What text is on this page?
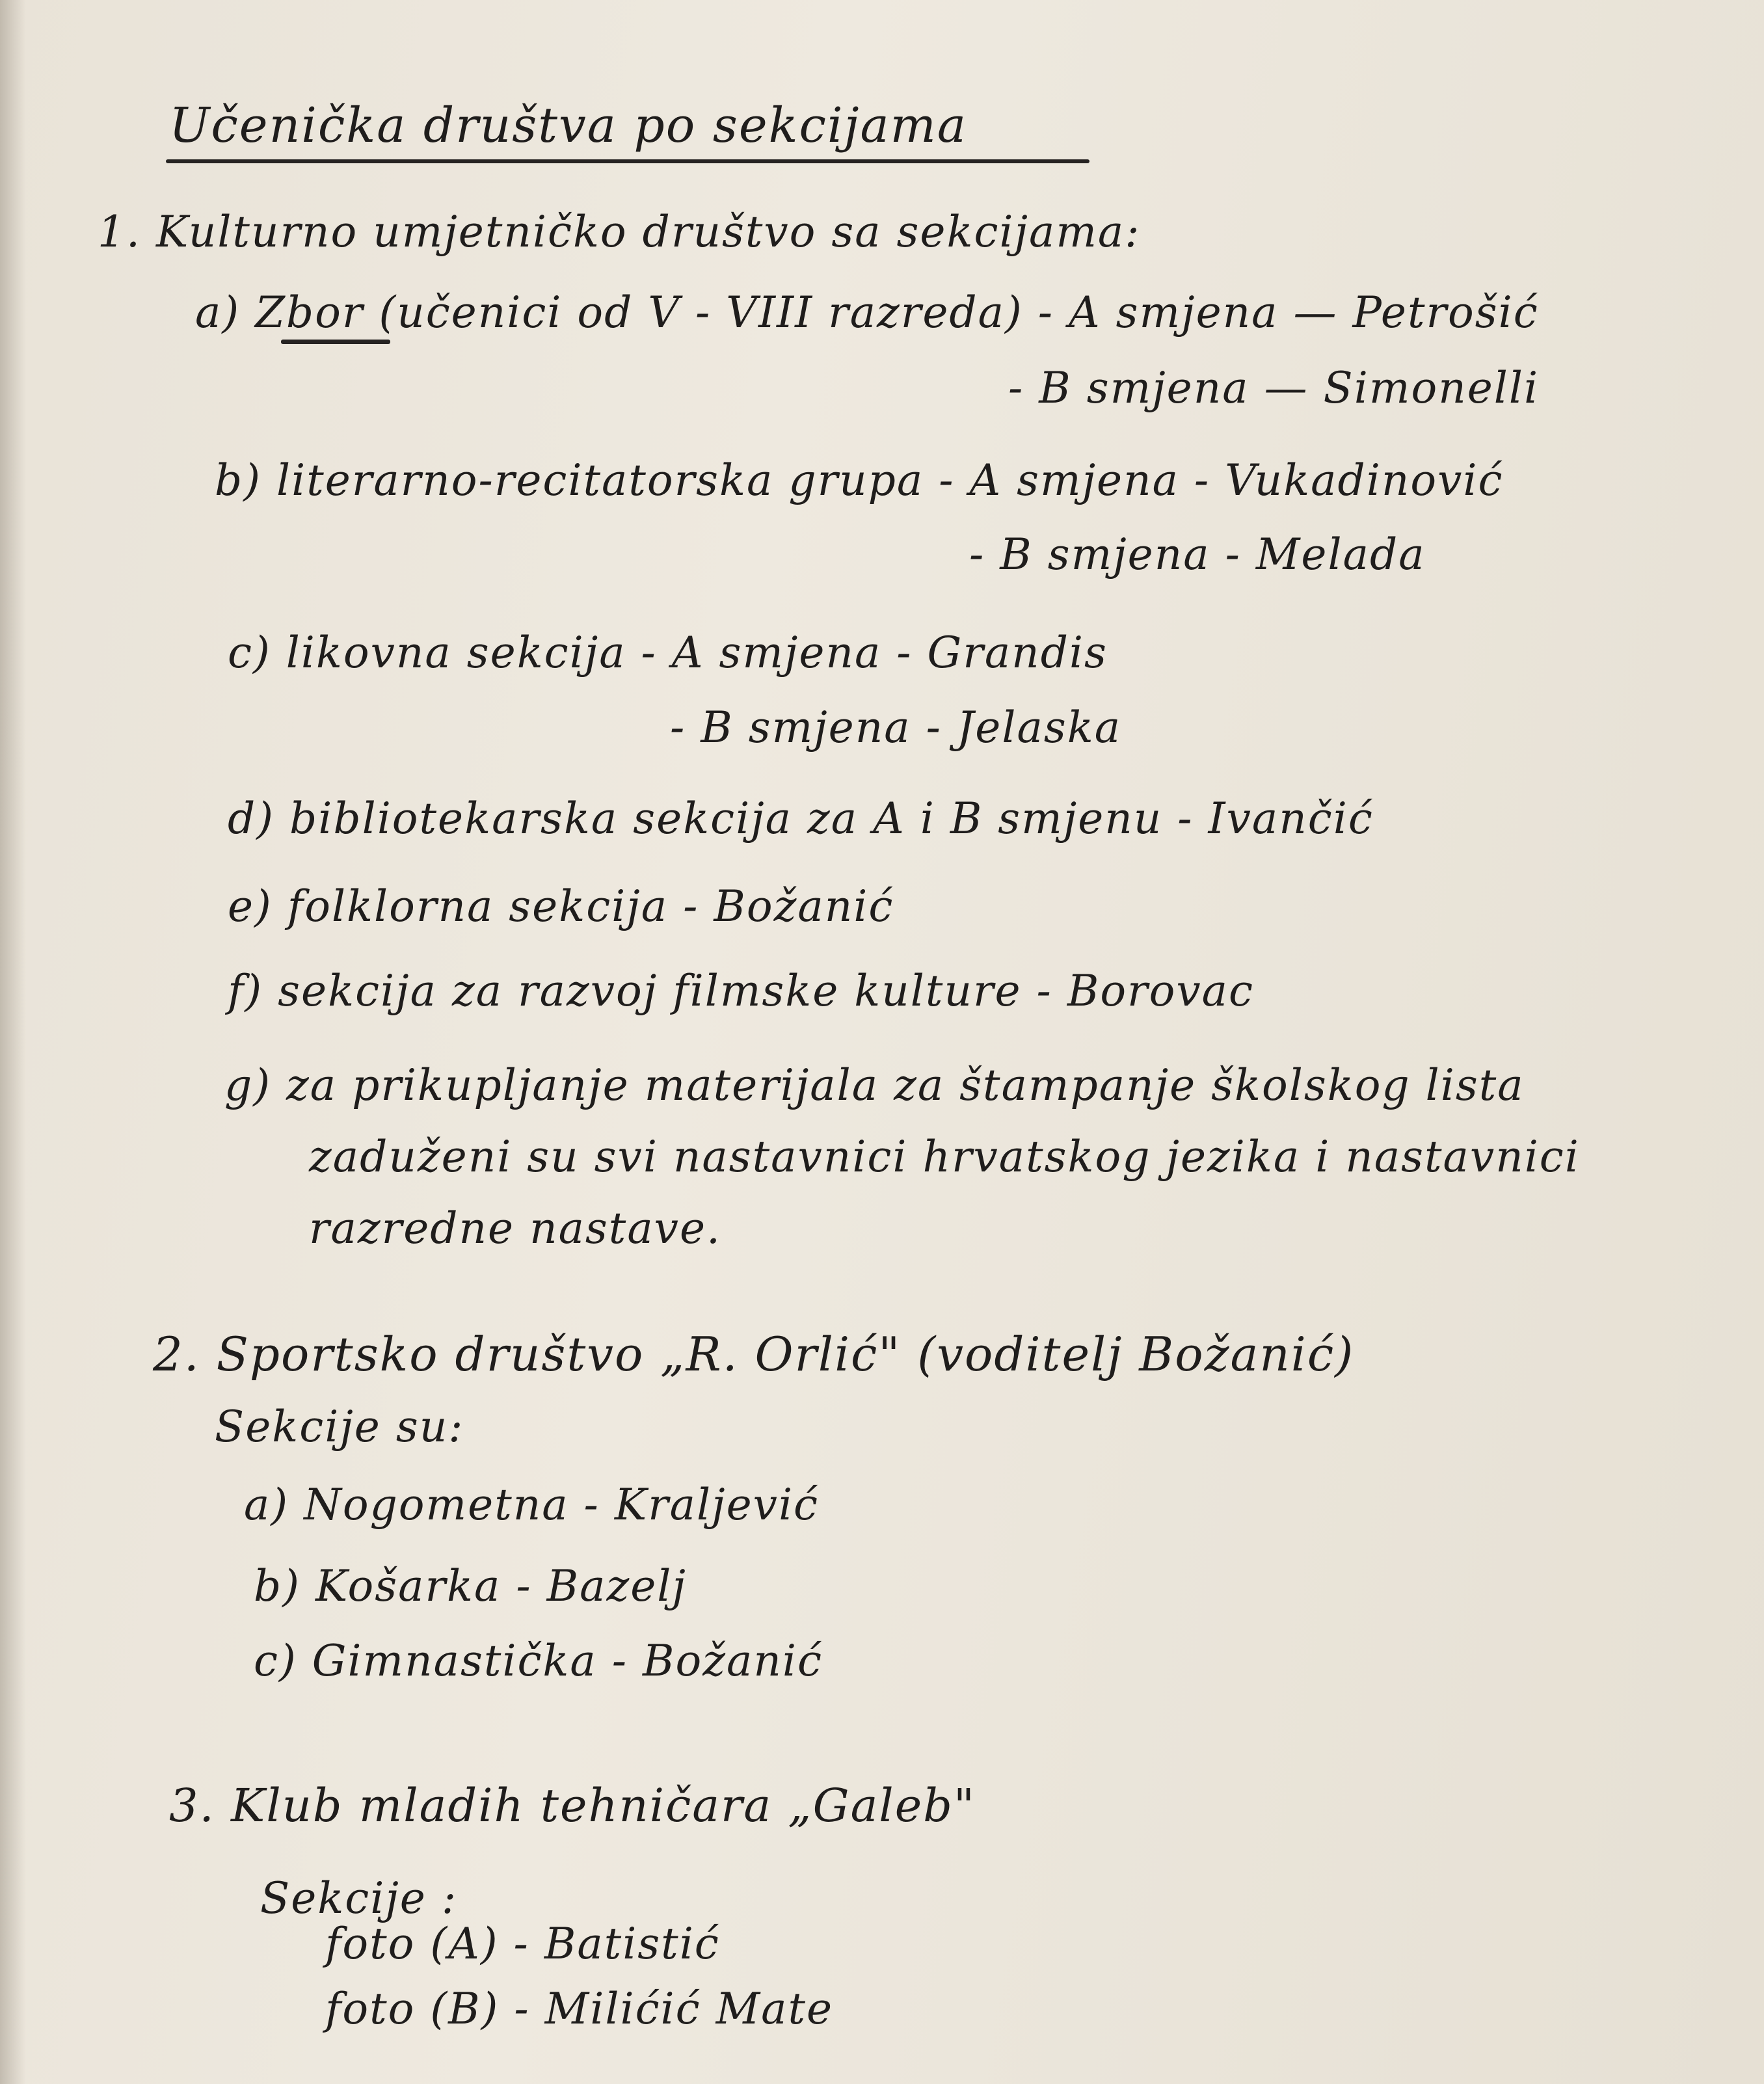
Učenička društva po sekcijama
1. Kulturno umjetničko društvo sa sekcijama:
a) Zbor (učenici od V - VIII razreda) - A smjena — Petrošić
- B smjena — Simonelli
b) literarno-recitatorska grupa - A smjena - Vukadinović
- B smjena - Melada
c) likovna sekcija - A smjena - Grandis
- B smjena - Jelaska
d) bibliotekarska sekcija za A i B smjenu - Ivančić
e) folklorna sekcija - Božanić
f) sekcija za razvoj filmske kulture - Borovac
g) za prikupljanje materijala za štampanje školskog lista
zaduženi su svi nastavnici hrvatskog jezika i nastavnici
razredne nastave.
2. Sportsko društvo „R. Orlić" (voditelj Božanić)
Sekcije su:
a) Nogometna - Kraljević
b) Košarka - Bazelj
c) Gimnastička - Božanić
3. Klub mladih tehničara „Galeb"
Sekcije :
foto (A) - Batistić
foto (B) - Milićić Mate
